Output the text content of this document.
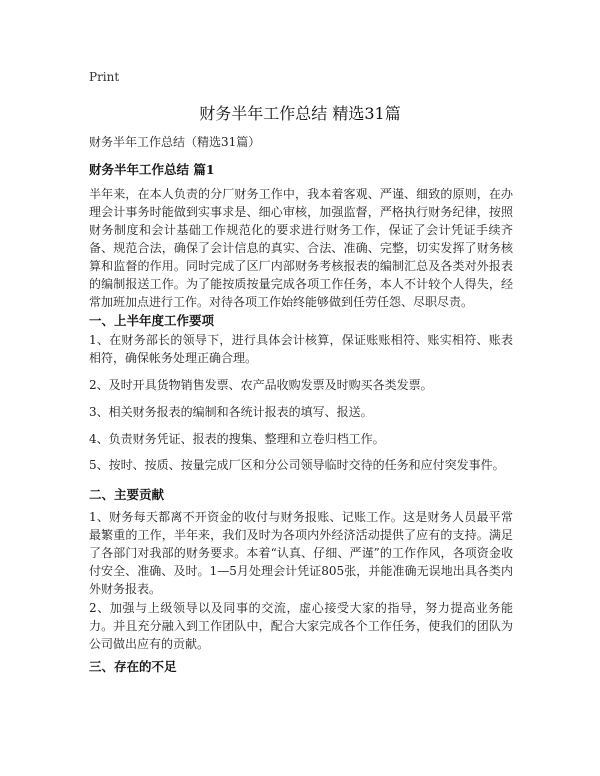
Print
财务半年工作总结 精选31篇
财务半年工作总结（精选31篇）
财务半年工作总结 篇1
半年来，在本人负责的分厂财务工作中，我本着客观、严谨、细致的原则，在办理会计事务时能做到实事求是、细心审核，加强监督，严格执行财务纪律，按照财务制度和会计基础工作规范化的要求进行财务工作，保证了会计凭证手续齐备、规范合法，确保了会计信息的真实、合法、准确、完整，切实发挥了财务核算和监督的作用。同时完成了区厂内部财务考核报表的编制汇总及各类对外报表的编制报送工作。为了能按质按量完成各项工作任务，本人不计较个人得失，经常加班加点进行工作。对待各项工作始终能够做到任劳任怨、尽职尽责。
一、上半年度工作要项
1、在财务部长的领导下，进行具体会计核算，保证账账相符、账实相符、账表相符，确保帐务处理正确合理。
2、及时开具货物销售发票、农产品收购发票及时购买各类发票。
3、相关财务报表的编制和各统计报表的填写、报送。
4、负责财务凭证、报表的搜集、整理和立卷归档工作。
5、按时、按质、按量完成厂区和分公司领导临时交待的任务和应付突发事件。
二、主要贡献
1、财务每天都离不开资金的收付与财务报账、记账工作。这是财务人员最平常最繁重的工作，半年来，我们及时为各项内外经济活动提供了应有的支持。满足了各部门对我部的财务要求。本着“认真、仔细、严谨”的工作作风，各项资金收付安全、准确、及时。1—5月处理会计凭证805张，并能准确无误地出具各类内外财务报表。
2、加强与上级领导以及同事的交流，虚心接受大家的指导，努力提高业务能力。并且充分融入到工作团队中，配合大家完成各个工作任务，使我们的团队为公司做出应有的贡献。
三、存在的不足
